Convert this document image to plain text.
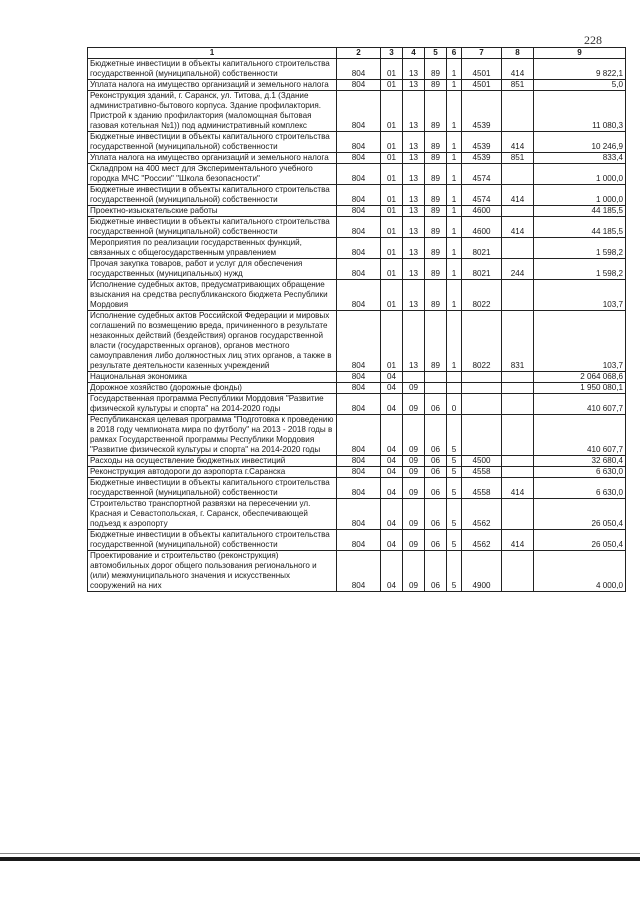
228
1	2	3	4	5	6	7	8	9
Бюджетные инвестиции в объекты капитального строительства государственной (муниципальной) собственности	804	01	13	89	1	4501	414	9 822,1
Уплата налога на имущество организаций и земельного налога	804	01	13	89	1	4501	851	5,0
Реконструкция зданий, г. Саранск, ул. Титова, д.1 (Здание административно-бытового корпуса. Здание профилактория. Пристрой к зданию профилактория (маломощная бытовая газовая котельная №1)) под административный комплекс	804	01	13	89	1	4539		11 080,3
Бюджетные инвестиции в объекты капитального строительства государственной (муниципальной) собственности	804	01	13	89	1	4539	414	10 246,9
Уплата налога на имущество организаций и земельного налога	804	01	13	89	1	4539	851	833,4
Складпром на 400 мест для Экспериментального учебного городка МЧС "России" "Школа безопасности"	804	01	13	89	1	4574		1 000,0
Бюджетные инвестиции в объекты капитального строительства государственной (муниципальной) собственности	804	01	13	89	1	4574	414	1 000,0
Проектно-изыскательские работы	804	01	13	89	1	4600		44 185,5
Бюджетные инвестиции в объекты капитального строительства государственной (муниципальной) собственности	804	01	13	89	1	4600	414	44 185,5
Мероприятия по реализации государственных функций, связанных с общегосударственным управлением	804	01	13	89	1	8021		1 598,2
Прочая закупка товаров, работ и услуг для обеспечения государственных (муниципальных) нужд	804	01	13	89	1	8021	244	1 598,2
Исполнение судебных актов, предусматривающих обращение взыскания на средства республиканского бюджета Республики Мордовия	804	01	13	89	1	8022		103,7
Исполнение судебных актов Российской Федерации и мировых соглашений по возмещению вреда, причиненного в результате незаконных действий (бездействия) органов государственной власти (государственных органов), органов местного самоуправления либо должностных лиц этих органов, а также в результате деятельности казенных учреждений	804	01	13	89	1	8022	831	103,7
Национальная экономика	804	04						2 064 068,6
Дорожное хозяйство (дорожные фонды)	804	04	09					1 950 080,1
Государственная программа Республики Мордовия "Развитие физической культуры и спорта" на 2014-2020 годы	804	04	09	06	0			410 607,7
Республиканская целевая программа "Подготовка к проведению в 2018 году чемпионата мира по футболу" на 2013 - 2018 годы в рамках Государственной программы Республики Мордовия "Развитие физической культуры и спорта" на 2014-2020 годы	804	04	09	06	5			410 607,7
Расходы на осуществление бюджетных инвестиций	804	04	09	06	5	4500		32 680,4
Реконструкция автодороги до аэропорта г.Саранска	804	04	09	06	5	4558		6 630,0
Бюджетные инвестиции в объекты капитального строительства государственной (муниципальной) собственности	804	04	09	06	5	4558	414	6 630,0
Строительство транспортной развязки на пересечении ул. Красная и Севастопольская, г. Саранск, обеспечивающей подъезд к аэропорту	804	04	09	06	5	4562		26 050,4
Бюджетные инвестиции в объекты капитального строительства государственной (муниципальной) собственности	804	04	09	06	5	4562	414	26 050,4
Проектирование и строительство (реконструкция) автомобильных дорог общего пользования регионального и (или) межмуниципального значения и искусственных сооружений на них	804	04	09	06	5	4900		4 000,0
